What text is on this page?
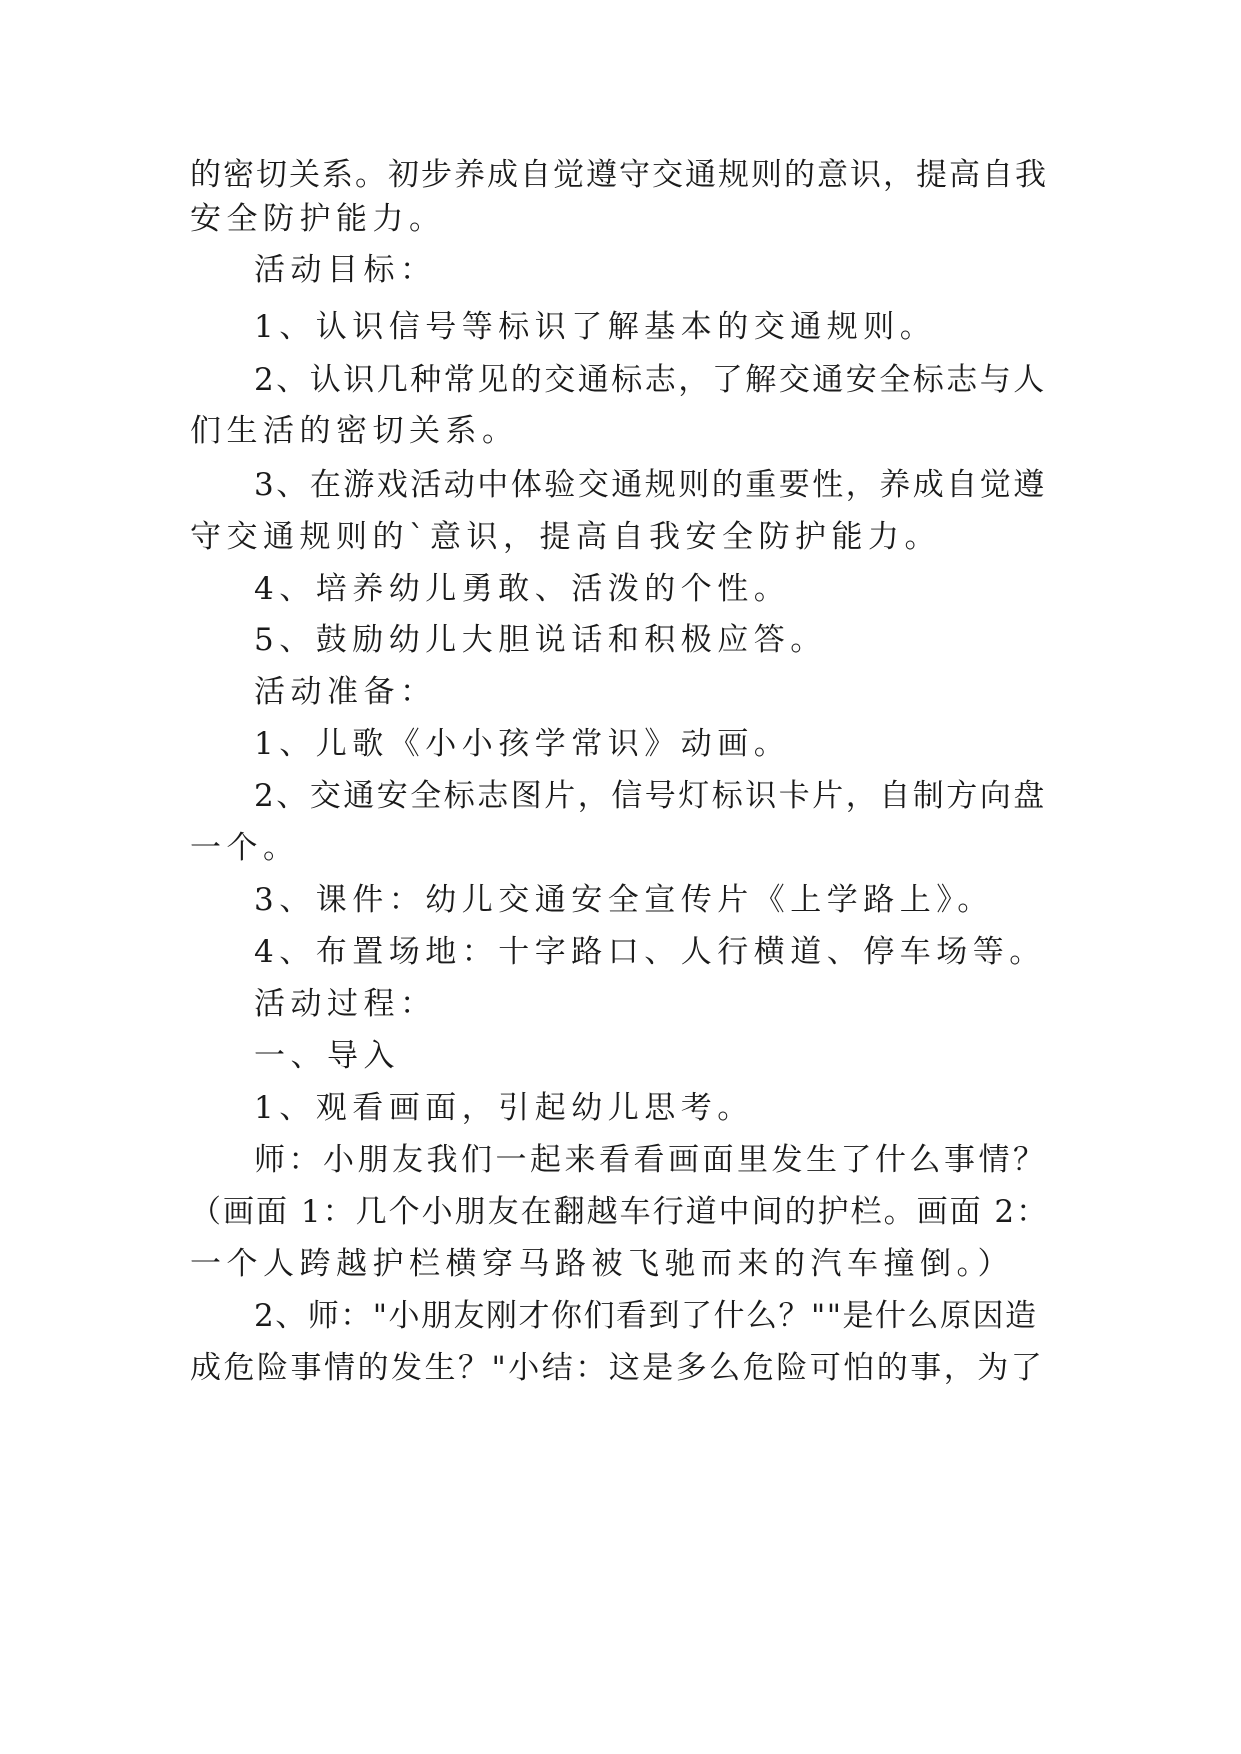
的密切关系。初步养成自觉遵守交通规则的意识，提高自我
安全防护能力。
活动目标：
1、认识信号等标识了解基本的交通规则。
2、认识几种常见的交通标志，了解交通安全标志与人
们生活的密切关系。
3、在游戏活动中体验交通规则的重要性，养成自觉遵
守交通规则的`意识，提高自我安全防护能力。
4、培养幼儿勇敢、活泼的个性。
5、鼓励幼儿大胆说话和积极应答。
活动准备：
1、儿歌《小小孩学常识》动画。
2、交通安全标志图片，信号灯标识卡片，自制方向盘
一个。
3、课件：幼儿交通安全宣传片《上学路上》。
4、布置场地：十字路口、人行横道、停车场等。
活动过程：
一、导入
1、观看画面，引起幼儿思考。
师：小朋友我们一起来看看画面里发生了什么事情？
（画面 1：几个小朋友在翻越车行道中间的护栏。画面 2：
一个人跨越护栏横穿马路被飞驰而来的汽车撞倒。）
2、师："小朋友刚才你们看到了什么？""是什么原因造
成危险事情的发生？"小结：这是多么危险可怕的事，为了
